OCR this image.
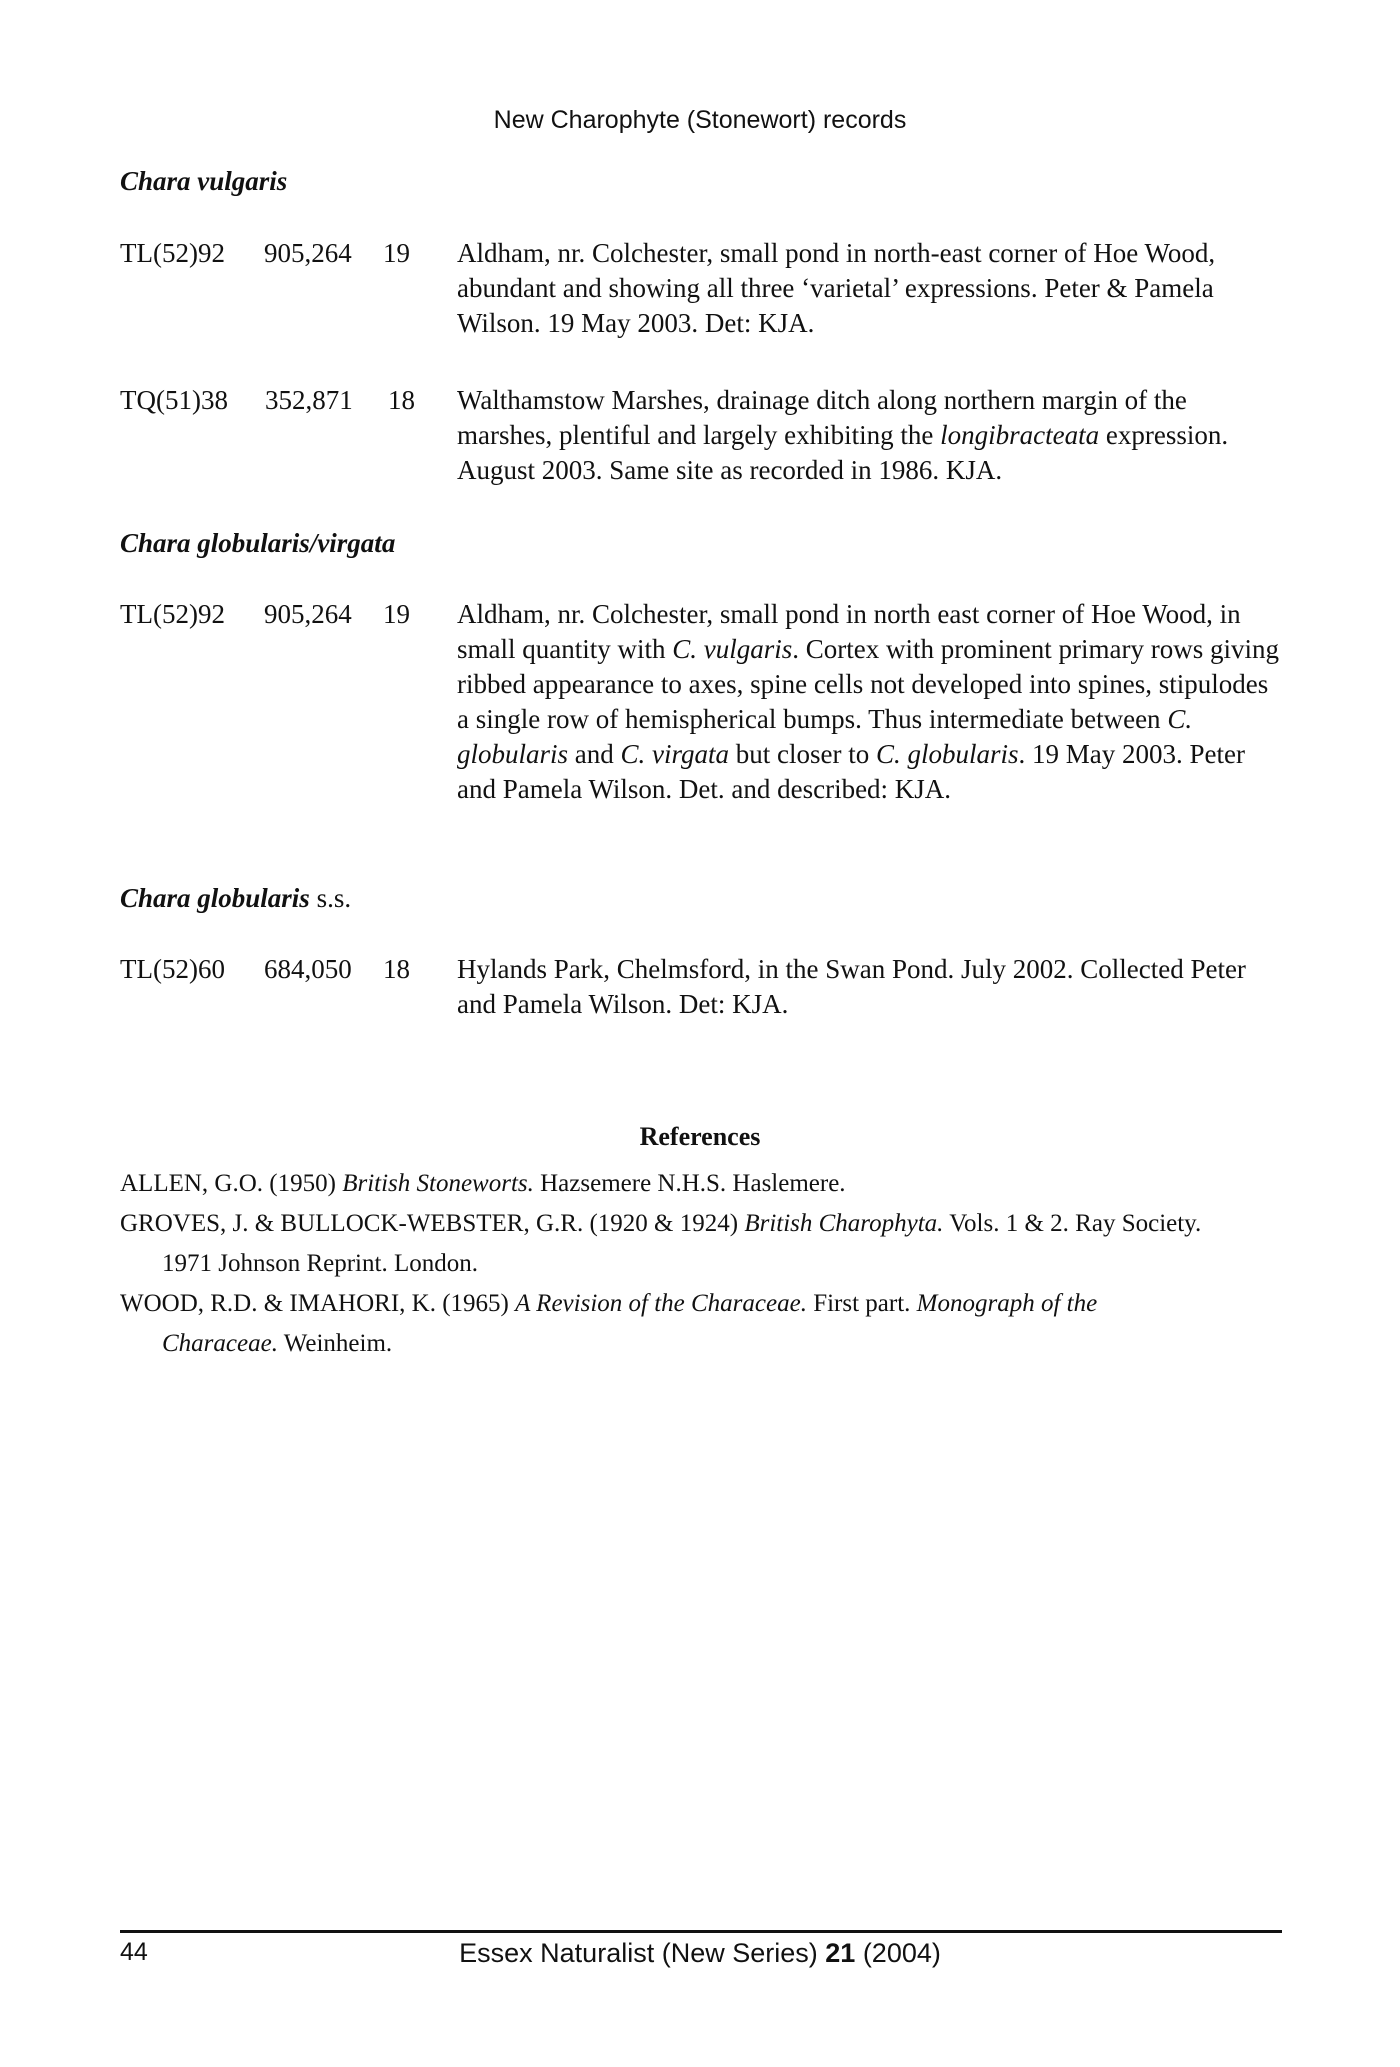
New Charophyte (Stonewort) records
Chara vulgaris
TL(52)92 905,264 19 Aldham, nr. Colchester, small pond in north-east corner of Hoe Wood,
abundant and showing all three ‘varietal’ expressions. Peter & Pamela
Wilson. 19 May 2003. Det: KJA.
TQ(51)38 352,871 18 Walthamstow Marshes, drainage ditch along northern margin of the
marshes, plentiful and largely exhibiting the longibracteata expression.
August 2003. Same site as recorded in 1986. KJA.
Chara globularis/virgata
TL(52)92 905,264 19 Aldham, nr. Colchester, small pond in north east corner of Hoe Wood, in
small quantity with C. vulgaris. Cortex with prominent primary rows giving
ribbed appearance to axes, spine cells not developed into spines, stipulodes
a single row of hemispherical bumps. Thus intermediate between C.
globularis and C. virgata but closer to C. globularis. 19 May 2003. Peter
and Pamela Wilson. Det. and described: KJA.
Chara globularis s.s.
TL(52)60 684,050 18 Hylands Park, Chelmsford, in the Swan Pond. July 2002. Collected Peter
and Pamela Wilson. Det: KJA.
References
ALLEN, G.O. (1950) British Stoneworts. Hazsemere N.H.S. Haslemere.
GROVES, J. & BULLOCK-WEBSTER, G.R. (1920 & 1924) British Charophyta. Vols. 1 & 2. Ray Society.
1971 Johnson Reprint. London.
WOOD, R.D. & IMAHORI, K. (1965) A Revision of the Characeae. First part. Monograph of the
Characeae. Weinheim.
44	Essex Naturalist (New Series) 21 (2004)
